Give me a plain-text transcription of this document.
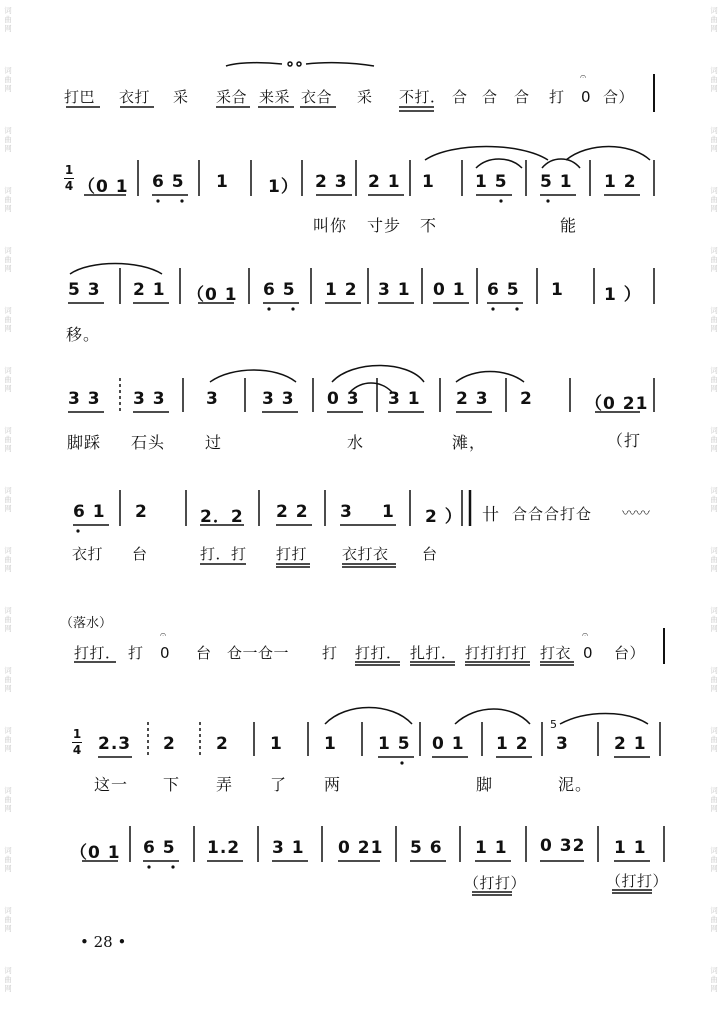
词曲网
词曲网
词曲网
词曲网
词曲网
词曲网
词曲网
词曲网
词曲网
词曲网
词曲网
词曲网
词曲网
词曲网
词曲网
词曲网
词曲网
词曲网
词曲网
词曲网
词曲网
词曲网
词曲网
词曲网
词曲网
词曲网
词曲网
词曲网
词曲网
词曲网
词曲网
词曲网
词曲网
词曲网
打巴 衣打 采 采合 来采 衣合 采 不打． 合 合 合 打 0 合）
𝄐
1
4 （0 1 6 5 1 1） 2 3 2 1 1 1 5 5 1 1 2
叫你 寸步 不	能
5 3 2 1 （0 1 6 5 1 2 3 1 0 1 6 5 1 1 ）
移。
3 3 3 3 3	3 3 0 3 3 1 2 3 2	（0 21
脚踩 石头 过	水	滩，	（打
6 1 2	2．2 2 2 3 1 2 ） 卄 合合合打仓 〰〰
衣打 台	打．打 打打 衣打衣 台
（落水）
打打． 打 0 台 仓一仓一 打 打打． 扎打． 打打打打 打衣 0 台）
𝄐	𝄐
1
4 2.3 2 2 1 1 1 5 0 1 1 2 3	2 1
5
这一 下 弄 了 两	脚	泥。
（0 1 6 5 1.2 3 1 0 21 5 6 1 1 0 32 1 1
（打打）	（打打）
• 28 •
